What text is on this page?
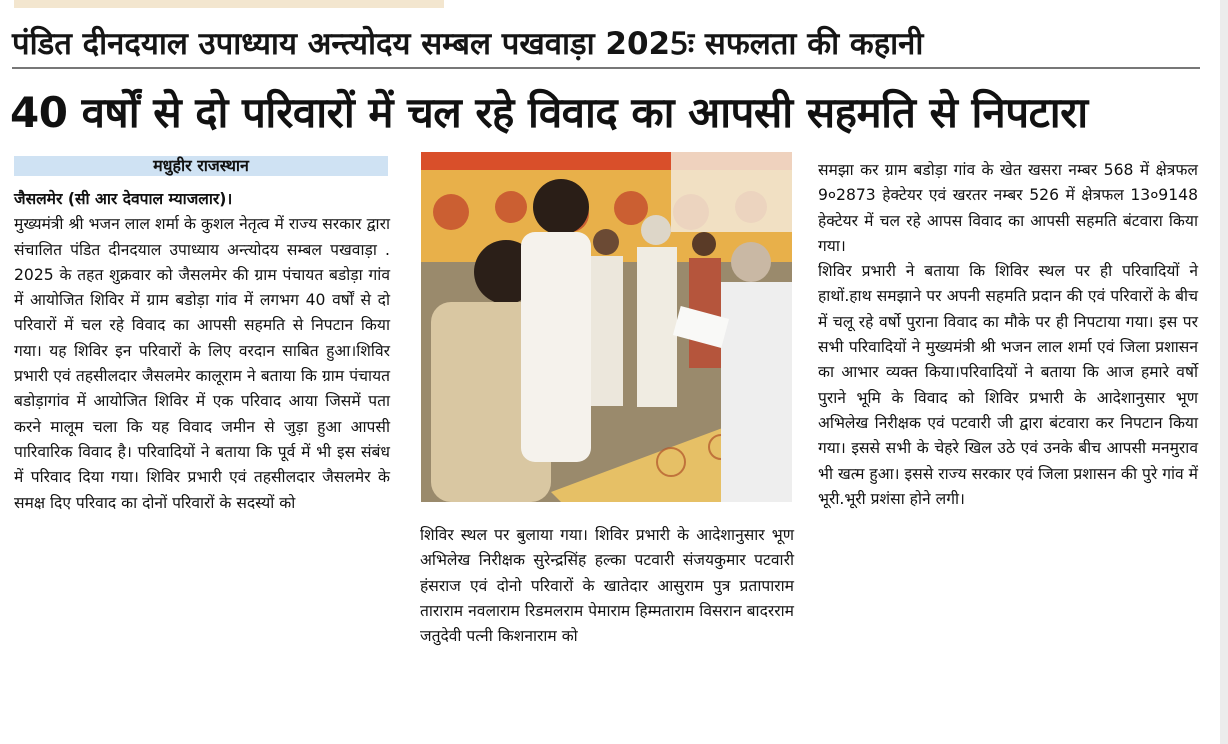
पंडित दीनदयाल उपाध्याय अन्त्योदय सम्बल पखवाड़ा 2025ः सफलता की कहानी
40 वर्षों से दो परिवारों में चल रहे विवाद का आपसी सहमति से निपटारा
मधुहीर राजस्थान

जैसलमेर (सी आर देवपाल म्याजलार)।

मुख्यमंत्री श्री भजन लाल शर्मा के कुशल नेतृत्व में राज्य सरकार द्वारा संचालित पंडित दीनदयाल उपाध्याय अन्त्योदय सम्बल पखवाड़ा . 2025 के तहत शुक्रवार को जैसलमेर की ग्राम पंचायत बडोड़ा गांव में आयोजित शिविर में ग्राम बडोड़ा गांव में लगभग 40 वर्षों से दो परिवारों में चल रहे विवाद का आपसी सहमति से निपटान किया गया। यह शिविर इन परिवारों के लिए वरदान साबित हुआ।शिविर प्रभारी एवं तहसीलदार जैसलमेर कालूराम ने बताया कि ग्राम पंचायत बडोड़ागांव में आयोजित शिविर में एक परिवाद आया जिसमें पता करने मालूम चला कि यह विवाद जमीन से जुड़ा हुआ आपसी पारिवारिक विवाद है। परिवादियों ने बताया कि पूर्व में भी इस संबंध में परिवाद दिया गया। शिविर प्रभारी एवं तहसीलदार जैसलमेर के समक्ष दिए परिवाद का दोनों परिवारों के सदस्यों को

शिविर स्थल पर बुलाया गया। शिविर प्रभारी के आदेशानुसार भूण अभिलेख निरीक्षक सुरेन्द्रसिंह हल्का पटवारी संजयकुमार पटवारी हंसराज एवं दोनो परिवारों के खातेदार आसुराम पुत्र प्रतापाराम ताराराम नवलाराम रिडमलराम पेमाराम हिम्मताराम विसरान बादरराम जतुदेवी पत्नी किशनाराम को

समझा कर ग्राम बडोड़ा गांव के खेत खसरा नम्बर 568 में क्षेत्रफल 9०2873 हेक्टेयर एवं खरतर नम्बर 526 में क्षेत्रफल 13०9148 हेक्टेयर में चल रहे आपस विवाद का आपसी सहमति बंटवारा किया गया।

शिविर प्रभारी ने बताया कि शिविर स्थल पर ही परिवादियों ने हाथों.हाथ समझाने पर अपनी सहमति प्रदान की एवं परिवारों के बीच में चलू रहे वर्षो पुराना विवाद का मौके पर ही निपटाया गया। इस पर सभी परिवादियों ने मुख्यमंत्री श्री भजन लाल शर्मा एवं जिला प्रशासन का आभार व्यक्त किया।परिवादियों ने बताया कि आज हमारे वर्षो पुराने भूमि के विवाद को शिविर प्रभारी के आदेशानुसार भूण अभिलेख निरीक्षक एवं पटवारी जी द्वारा बंटवारा कर निपटान किया गया। इससे सभी के चेहरे खिल उठे एवं उनके बीच आपसी मनमुराव भी खत्म हुआ। इससे राज्य सरकार एवं जिला प्रशासन की पुरे गांव में भूरी.भूरी प्रशंसा होने लगी।
